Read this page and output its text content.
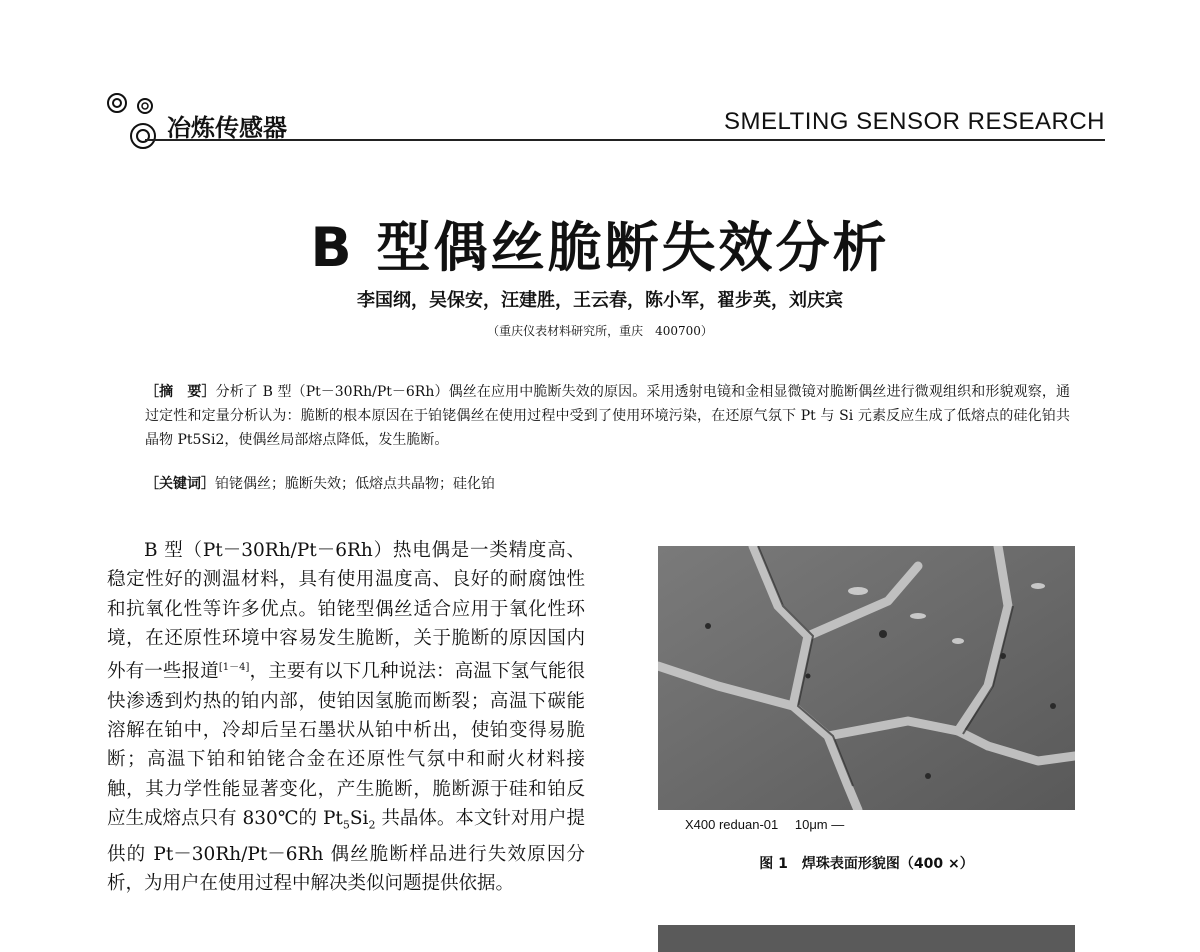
冶炼传感器	SMELTING SENSOR RESEARCH
B 型偶丝脆断失效分析
李国纲，吴保安，汪建胜，王云春，陈小军，翟步英，刘庆宾
（重庆仪表材料研究所，重庆　400700）
［摘　要］分析了 B 型（Pt－30Rh/Pt－6Rh）偶丝在应用中脆断失效的原因。采用透射电镜和金相显微镜对脆断偶丝进行微观组织和形貌观察，通过定性和定量分析认为：脆断的根本原因在于铂铑偶丝在使用过程中受到了使用环境污染，在还原气氛下 Pt 与 Si 元素反应生成了低熔点的硅化铂共晶物 Pt5Si2，使偶丝局部熔点降低，发生脆断。
［关键词］铂铑偶丝；脆断失效；低熔点共晶物；硅化铂

B 型（Pt－30Rh/Pt－6Rh）热电偶是一类精度高、稳定性好的测温材料，具有使用温度高、良好的耐腐蚀性和抗氧化性等许多优点。铂铑型偶丝适合应用于氧化性环境，在还原性环境中容易发生脆断，关于脆断的原因国内外有一些报道[1－4]，主要有以下几种说法：高温下氢气能很快渗透到灼热的铂内部，使铂因氢脆而断裂；高温下碳能溶解在铂中，冷却后呈石墨状从铂中析出，使铂变得易脆断；高温下铂和铂铑合金在还原性气氛中和耐火材料接触，其力学性能显著变化，产生脆断，脆断源于硅和铂反应生成熔点只有 830℃的 $Pt_5Si_2$ 共晶体。本文针对用户提供的 Pt－30Rh/Pt－6Rh 偶丝脆断样品进行失效原因分析，为用户在使用过程中解决类似问题提供依据。

X400 reduan-01　 10μm —
图 1　焊珠表面形貌图（400 ×）
